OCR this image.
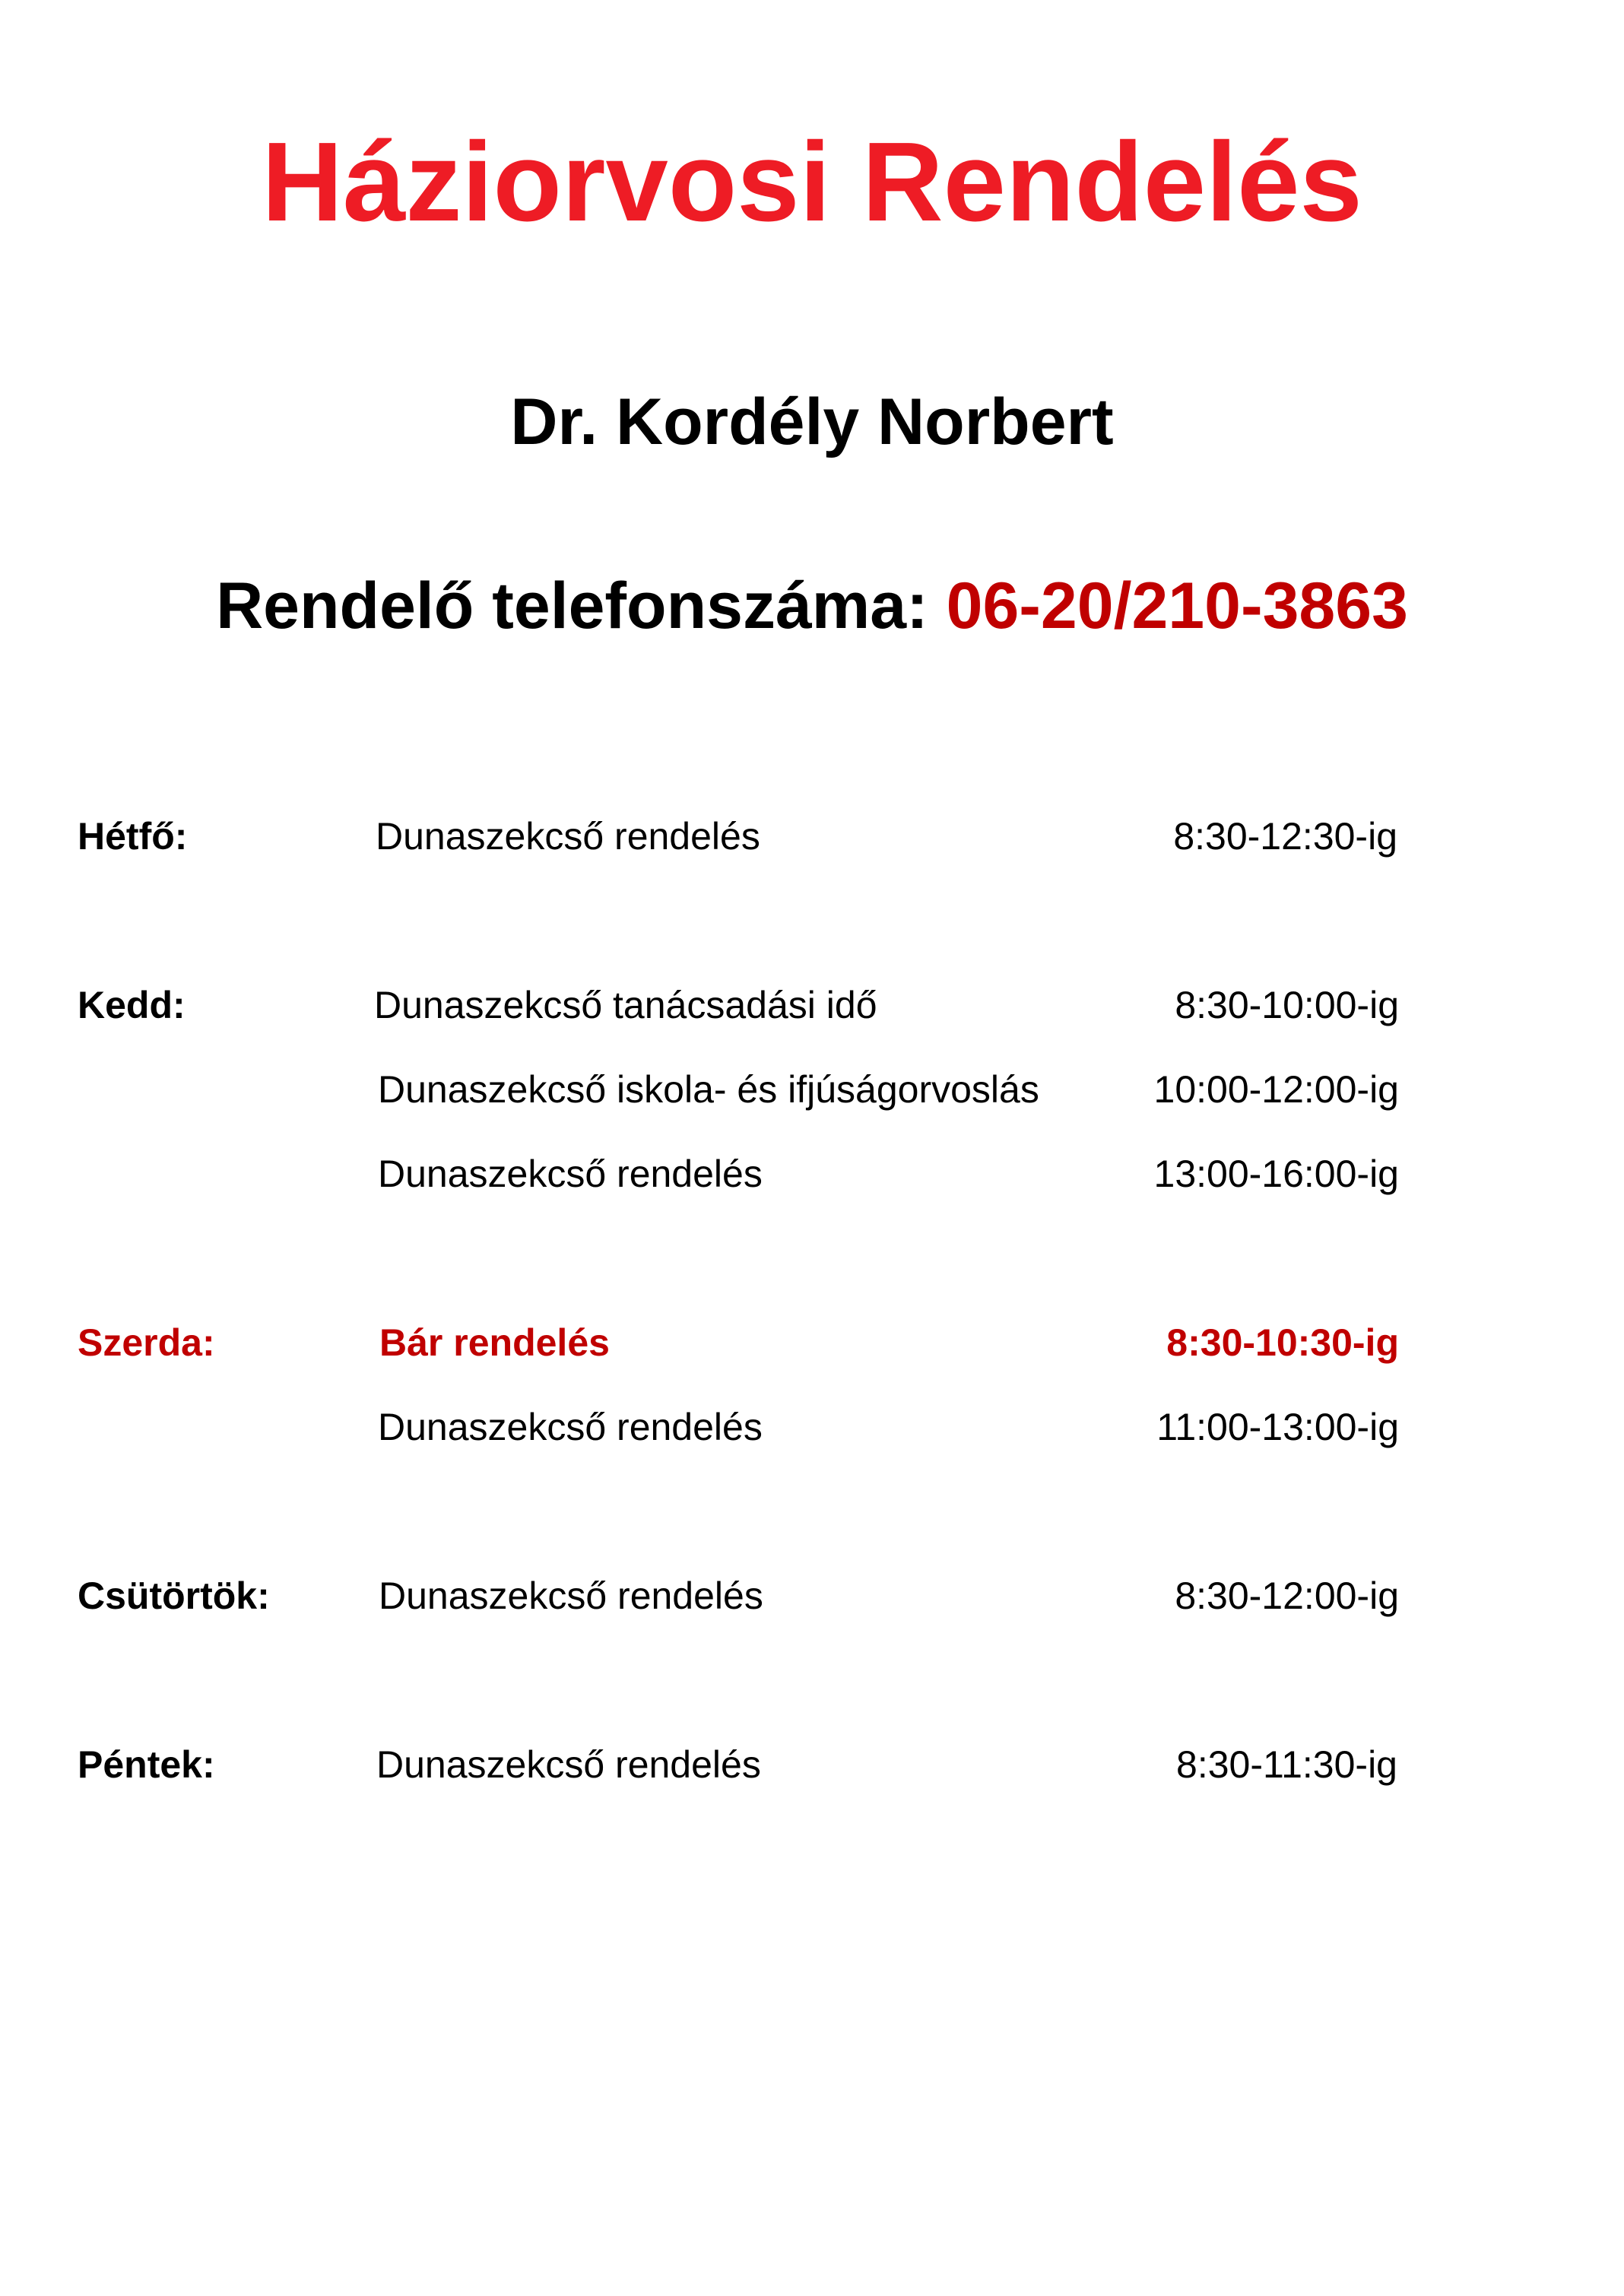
Háziorvosi Rendelés
Dr. Kordély Norbert
Rendelő telefonszáma: 06-20/210-3863
Hétfő:	Dunaszekcső rendelés	8:30-12:30-ig
Kedd:	Dunaszekcső tanácsadási idő	8:30-10:00-ig
Dunaszekcső iskola- és ifjúságorvoslás	10:00-12:00-ig
Dunaszekcső rendelés	13:00-16:00-ig
Szerda:	Bár rendelés	8:30-10:30-ig
Dunaszekcső rendelés	11:00-13:00-ig
Csütörtök:	Dunaszekcső rendelés	8:30-12:00-ig
Péntek:	Dunaszekcső rendelés	8:30-11:30-ig
